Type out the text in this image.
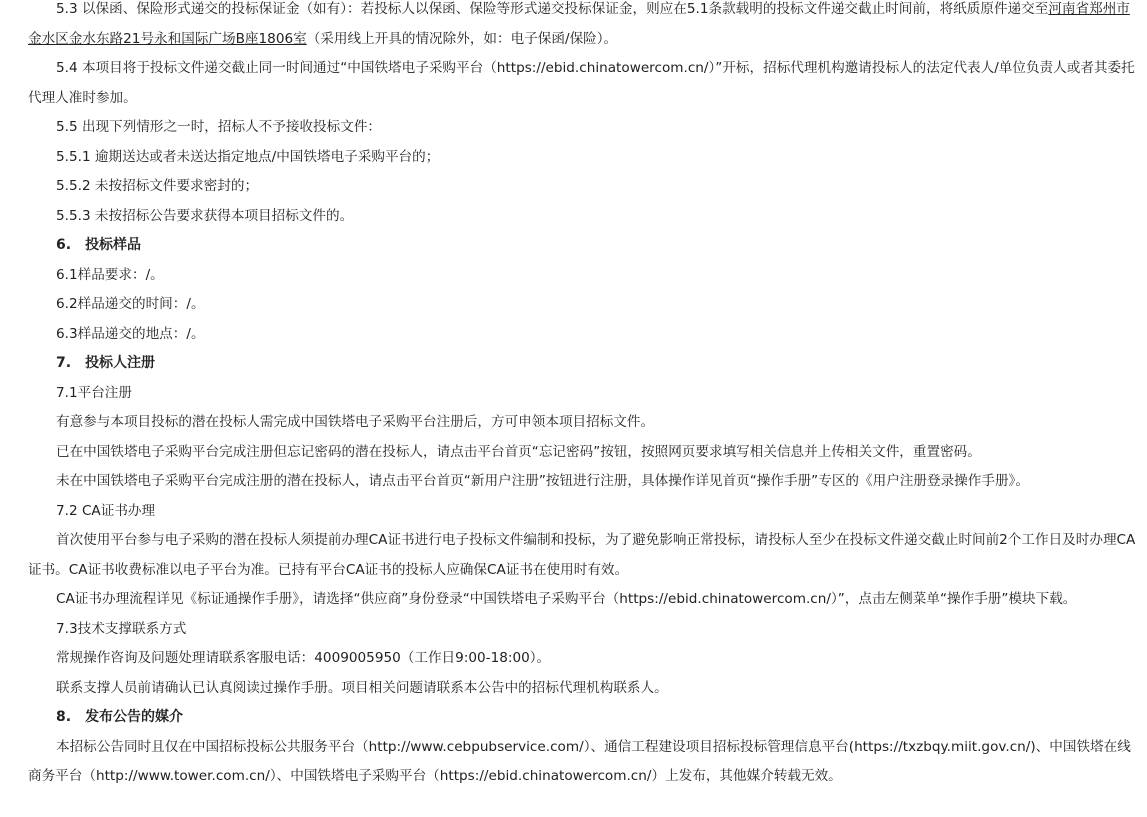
5.3 以保函、保险形式递交的投标保证金（如有）：若投标人以保函、保险等形式递交投标保证金，则应在5.1条款载明的投标文件递交截止时间前，将纸质原件递交至河南省郑州市金水区金水东路21号永和国际广场B座1806室（采用线上开具的情况除外，如：电子保函/保险）。

5.4 本项目将于投标文件递交截止同一时间通过“中国铁塔电子采购平台（https://ebid.chinatowercom.cn/）”开标，招标代理机构邀请投标人的法定代表人/单位负责人或者其委托代理人准时参加。

5.5 出现下列情形之一时，招标人不予接收投标文件：

5.5.1 逾期送达或者未送达指定地点/中国铁塔电子采购平台的；

5.5.2 未按招标文件要求密封的；

5.5.3 未按招标公告要求获得本项目招标文件的。

6. 投标样品

6.1样品要求：/。

6.2样品递交的时间：/。

6.3样品递交的地点：/。

7. 投标人注册

7.1平台注册

有意参与本项目投标的潜在投标人需完成中国铁塔电子采购平台注册后，方可申领本项目招标文件。

已在中国铁塔电子采购平台完成注册但忘记密码的潜在投标人，请点击平台首页“忘记密码”按钮，按照网页要求填写相关信息并上传相关文件，重置密码。

未在中国铁塔电子采购平台完成注册的潜在投标人，请点击平台首页“新用户注册”按钮进行注册，具体操作详见首页“操作手册”专区的《用户注册登录操作手册》。

7.2 CA证书办理

首次使用平台参与电子采购的潜在投标人须提前办理CA证书进行电子投标文件编制和投标，为了避免影响正常投标，请投标人至少在投标文件递交截止时间前2个工作日及时办理CA证书。CA证书收费标准以电子平台为准。已持有平台CA证书的投标人应确保CA证书在使用时有效。

CA证书办理流程详见《标证通操作手册》，请选择“供应商”身份登录“中国铁塔电子采购平台（https://ebid.chinatowercom.cn/）”，点击左侧菜单“操作手册”模块下载。

7.3技术支撑联系方式

常规操作咨询及问题处理请联系客服电话：4009005950（工作日9:00-18:00）。

联系支撑人员前请确认已认真阅读过操作手册。项目相关问题请联系本公告中的招标代理机构联系人。

8. 发布公告的媒介

本招标公告同时且仅在中国招标投标公共服务平台（http://www.cebpubservice.com/）、通信工程建设项目招标投标管理信息平台(https://txzbqy.miit.gov.cn/)、中国铁塔在线商务平台（http://www.tower.com.cn/）、中国铁塔电子采购平台（https://ebid.chinatowercom.cn/）上发布，其他媒介转载无效。
